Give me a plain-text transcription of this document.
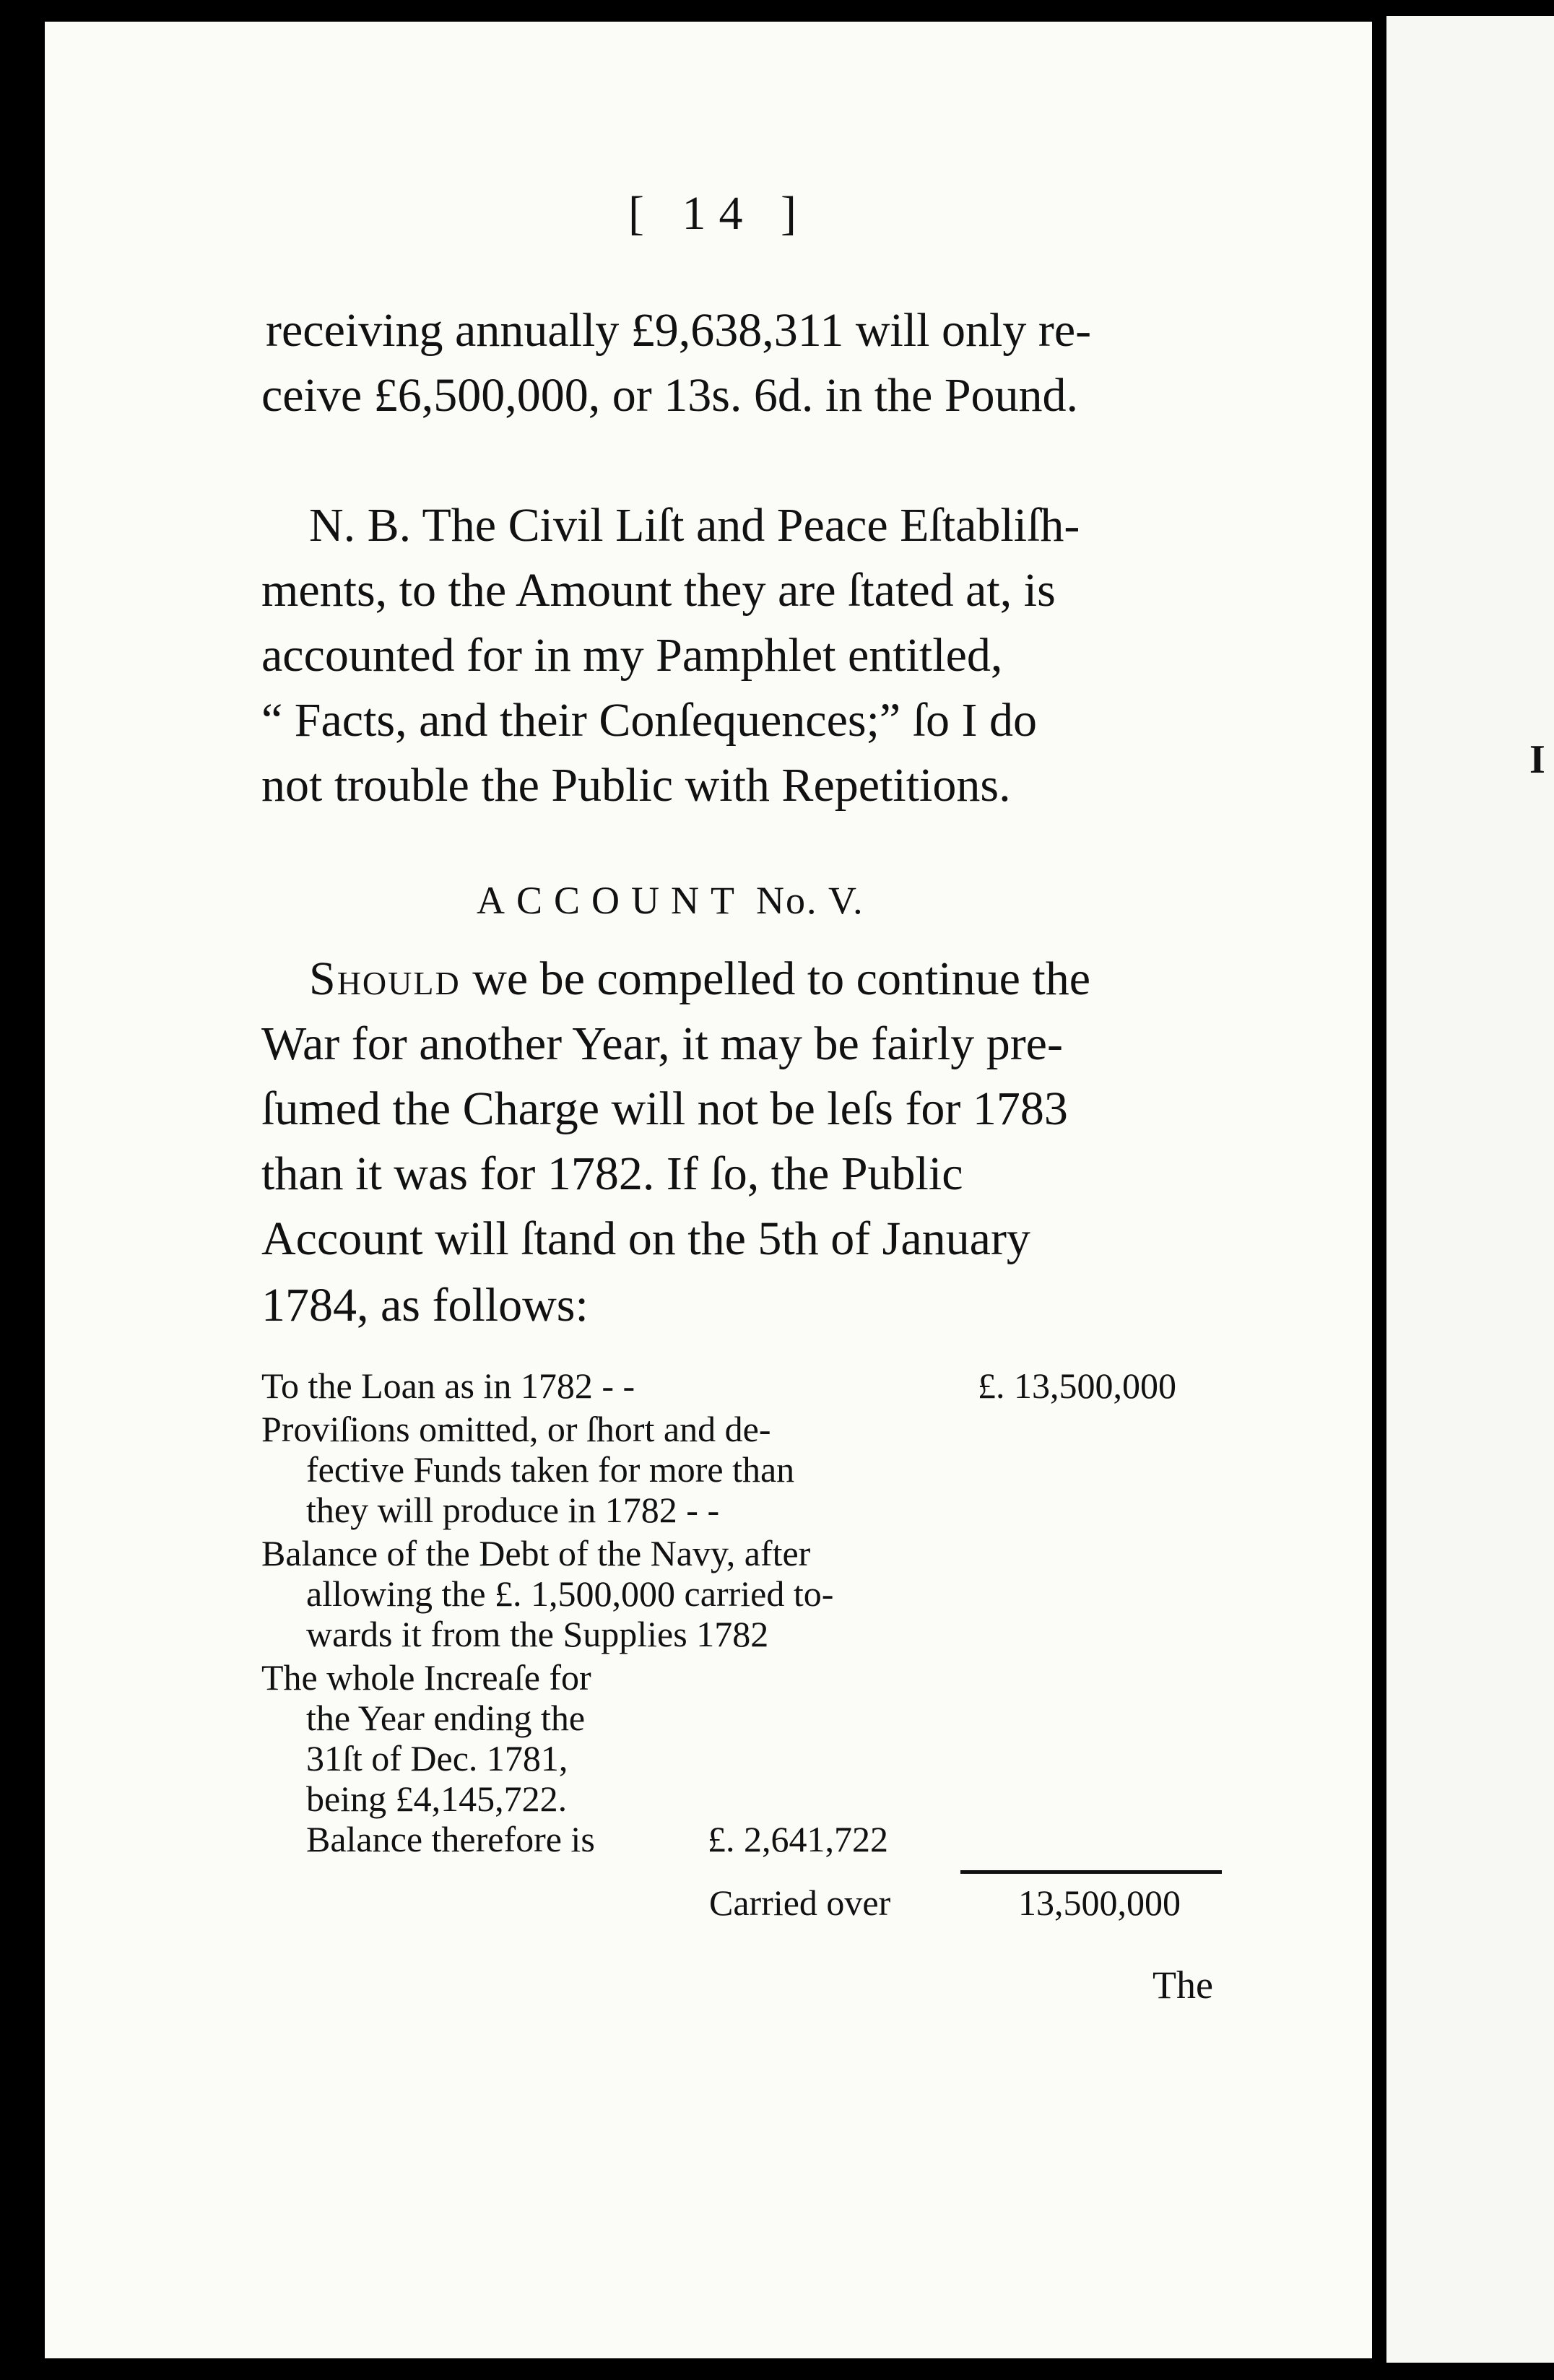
I
[ 14 ]
receiving annually £9,638,311 will only re-
ceive £6,500,000, or 13s. 6d. in the Pound.
N. B. The Civil Liſt and Peace Eſtabliſh-
ments, to the Amount they are ſtated at, is
accounted for in my Pamphlet entitled,
“ Facts, and their Conſequences;” ſo I do
not trouble the Public with Repetitions.
ACCOUNT No. V.
Should we be compelled to continue the
War for another Year, it may be fairly pre-
ſumed the Charge will not be leſs for 1783
than it was for 1782. If ſo, the Public
Account will ſtand on the 5th of January
1784, as follows:
To the Loan as in 1782 - -	£. 13,500,000
Proviſions omitted, or ſhort and de-
fective Funds taken for more than
they will produce in 1782 - -
Balance of the Debt of the Navy, after
allowing the £. 1,500,000 carried to-
wards it from the Supplies 1782
The whole Increaſe for
the Year ending the
31ſt of Dec. 1781,
being £4,145,722.
Balance therefore is	£. 2,641,722
Carried over	13,500,000
The
